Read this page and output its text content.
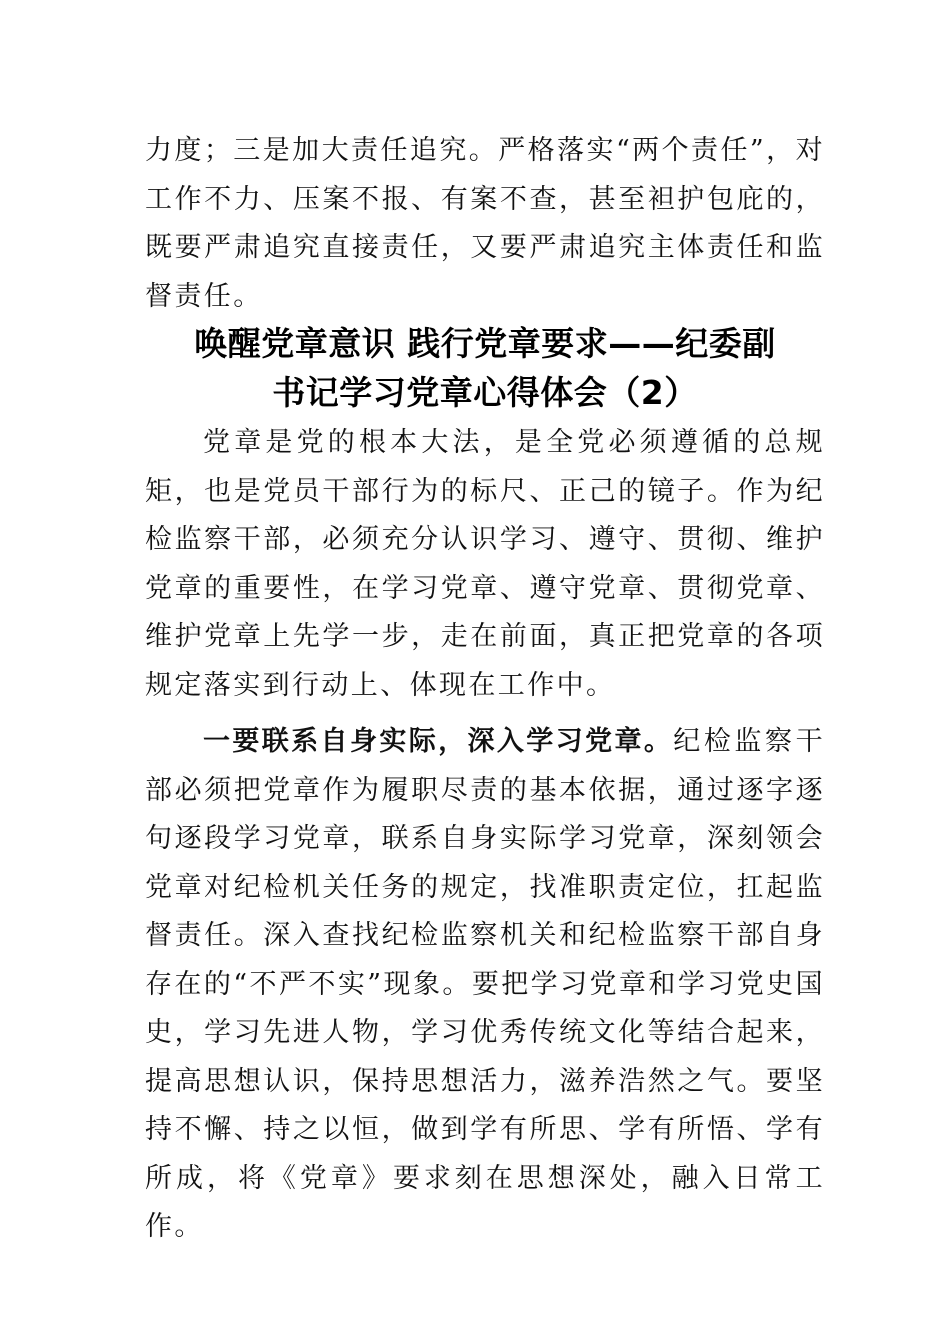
力度；三是加大责任追究。严格落实“两个责任”，对工作不力、压案不报、有案不查，甚至袒护包庇的，既要严肃追究直接责任，又要严肃追究主体责任和监督责任。

唤醒党章意识 践行党章要求——纪委副
书记学习党章心得体会（2）

党章是党的根本大法，是全党必须遵循的总规矩，也是党员干部行为的标尺、正己的镜子。作为纪检监察干部，必须充分认识学习、遵守、贯彻、维护党章的重要性，在学习党章、遵守党章、贯彻党章、维护党章上先学一步，走在前面，真正把党章的各项规定落实到行动上、体现在工作中。

一要联系自身实际，深入学习党章。纪检监察干部必须把党章作为履职尽责的基本依据，通过逐字逐句逐段学习党章，联系自身实际学习党章，深刻领会党章对纪检机关任务的规定，找准职责定位，扛起监督责任。深入查找纪检监察机关和纪检监察干部自身存在的“不严不实”现象。要把学习党章和学习党史国史，学习先进人物，学习优秀传统文化等结合起来，提高思想认识，保持思想活力，滋养浩然之气。要坚持不懈、持之以恒，做到学有所思、学有所悟、学有所成，将《党章》要求刻在思想深处，融入日常工作。
